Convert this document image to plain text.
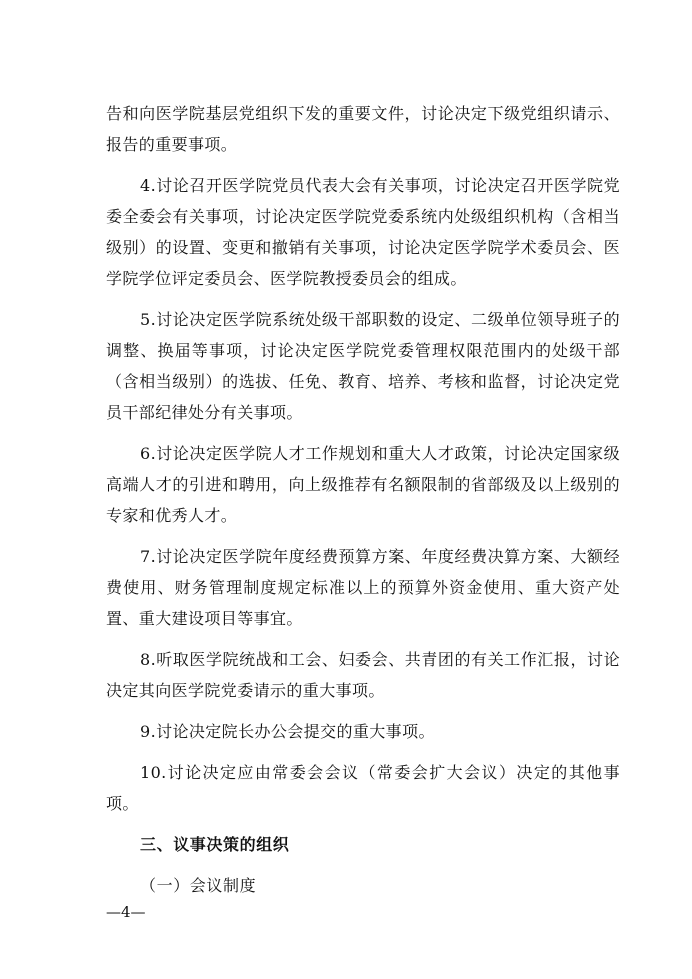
告和向医学院基层党组织下发的重要文件，讨论决定下级党组织请示、报告的重要事项。

4.讨论召开医学院党员代表大会有关事项，讨论决定召开医学院党委全委会有关事项，讨论决定医学院党委系统内处级组织机构（含相当级别）的设置、变更和撤销有关事项，讨论决定医学院学术委员会、医学院学位评定委员会、医学院教授委员会的组成。

5.讨论决定医学院系统处级干部职数的设定、二级单位领导班子的调整、换届等事项，讨论决定医学院党委管理权限范围内的处级干部（含相当级别）的选拔、任免、教育、培养、考核和监督，讨论决定党员干部纪律处分有关事项。

6.讨论决定医学院人才工作规划和重大人才政策，讨论决定国家级高端人才的引进和聘用，向上级推荐有名额限制的省部级及以上级别的专家和优秀人才。

7.讨论决定医学院年度经费预算方案、年度经费决算方案、大额经费使用、财务管理制度规定标准以上的预算外资金使用、重大资产处置、重大建设项目等事宜。

8.听取医学院统战和工会、妇委会、共青团的有关工作汇报，讨论决定其向医学院党委请示的重大事项。

9.讨论决定院长办公会提交的重大事项。

10.讨论决定应由常委会会议（常委会扩大会议）决定的其他事项。

三、议事决策的组织

（一）会议制度

—4—
